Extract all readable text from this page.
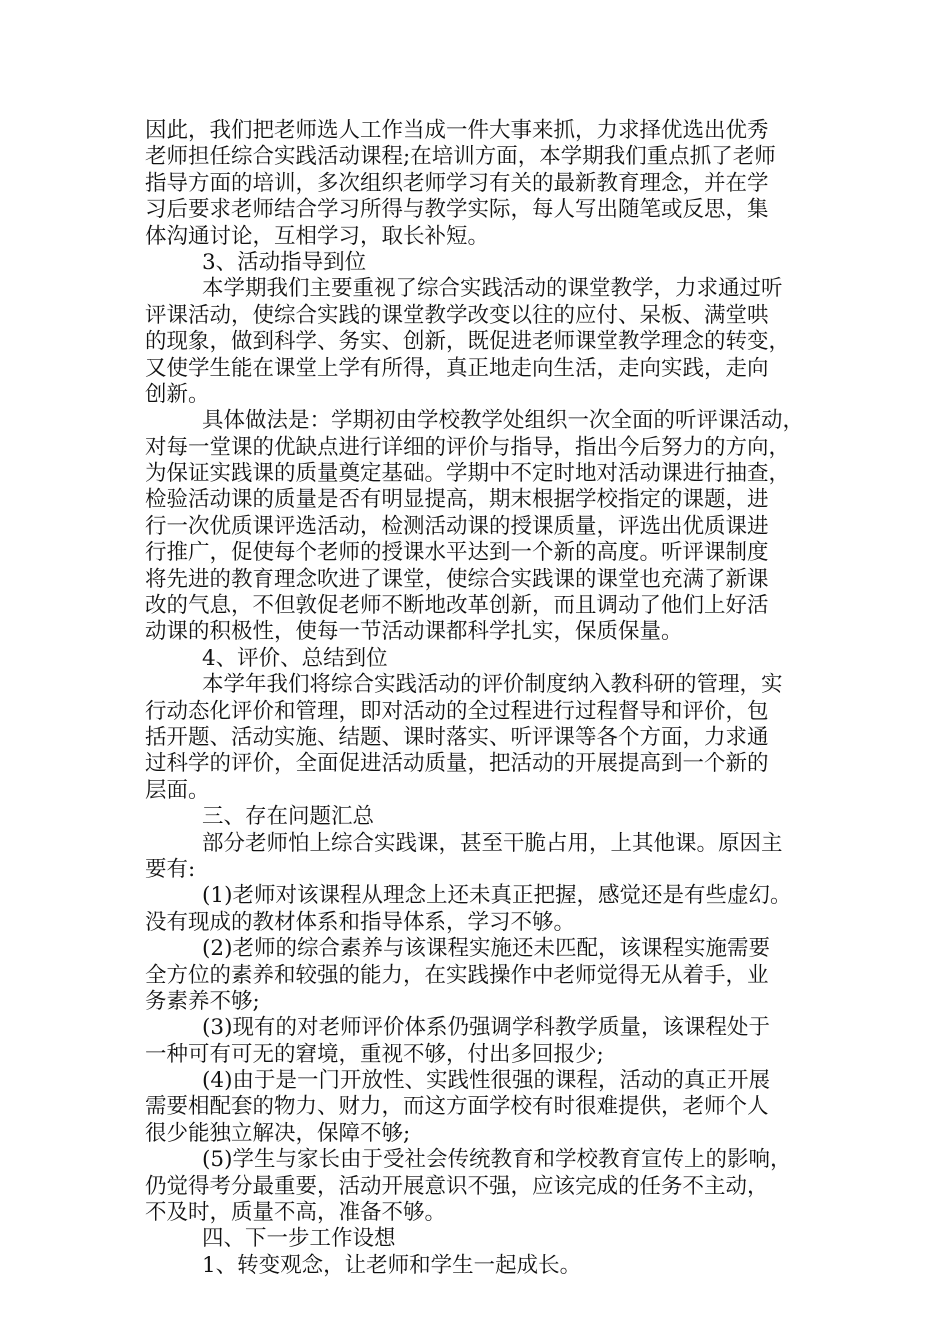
因此，我们把老师选人工作当成一件大事来抓，力求择优选出优秀
老师担任综合实践活动课程;在培训方面，本学期我们重点抓了老师
指导方面的培训，多次组织老师学习有关的最新教育理念，并在学
习后要求老师结合学习所得与教学实际，每人写出随笔或反思，集
体沟通讨论，互相学习，取长补短。
3、活动指导到位
本学期我们主要重视了综合实践活动的课堂教学，力求通过听
评课活动，使综合实践的课堂教学改变以往的应付、呆板、满堂哄
的现象，做到科学、务实、创新，既促进老师课堂教学理念的转变，
又使学生能在课堂上学有所得，真正地走向生活，走向实践，走向
创新。
具体做法是：学期初由学校教学处组织一次全面的听评课活动，
对每一堂课的优缺点进行详细的评价与指导，指出今后努力的方向，
为保证实践课的质量奠定基础。学期中不定时地对活动课进行抽查，
检验活动课的质量是否有明显提高，期末根据学校指定的课题，进
行一次优质课评选活动，检测活动课的授课质量，评选出优质课进
行推广，促使每个老师的授课水平达到一个新的高度。听评课制度
将先进的教育理念吹进了课堂，使综合实践课的课堂也充满了新课
改的气息，不但敦促老师不断地改革创新，而且调动了他们上好活
动课的积极性，使每一节活动课都科学扎实，保质保量。
4、评价、总结到位
本学年我们将综合实践活动的评价制度纳入教科研的管理，实
行动态化评价和管理，即对活动的全过程进行过程督导和评价，包
括开题、活动实施、结题、课时落实、听评课等各个方面，力求通
过科学的评价，全面促进活动质量，把活动的开展提高到一个新的
层面。
三、存在问题汇总
部分老师怕上综合实践课，甚至干脆占用，上其他课。原因主
要有:
(1)老师对该课程从理念上还未真正把握，感觉还是有些虚幻。
没有现成的教材体系和指导体系，学习不够。
(2)老师的综合素养与该课程实施还未匹配，该课程实施需要
全方位的素养和较强的能力，在实践操作中老师觉得无从着手，业
务素养不够;
(3)现有的对老师评价体系仍强调学科教学质量，该课程处于
一种可有可无的窘境，重视不够，付出多回报少;
(4)由于是一门开放性、实践性很强的课程，活动的真正开展
需要相配套的物力、财力，而这方面学校有时很难提供，老师个人
很少能独立解决，保障不够;
(5)学生与家长由于受社会传统教育和学校教育宣传上的影响，
仍觉得考分最重要，活动开展意识不强，应该完成的任务不主动，
不及时，质量不高，准备不够。
四、下一步工作设想
1、转变观念，让老师和学生一起成长。
